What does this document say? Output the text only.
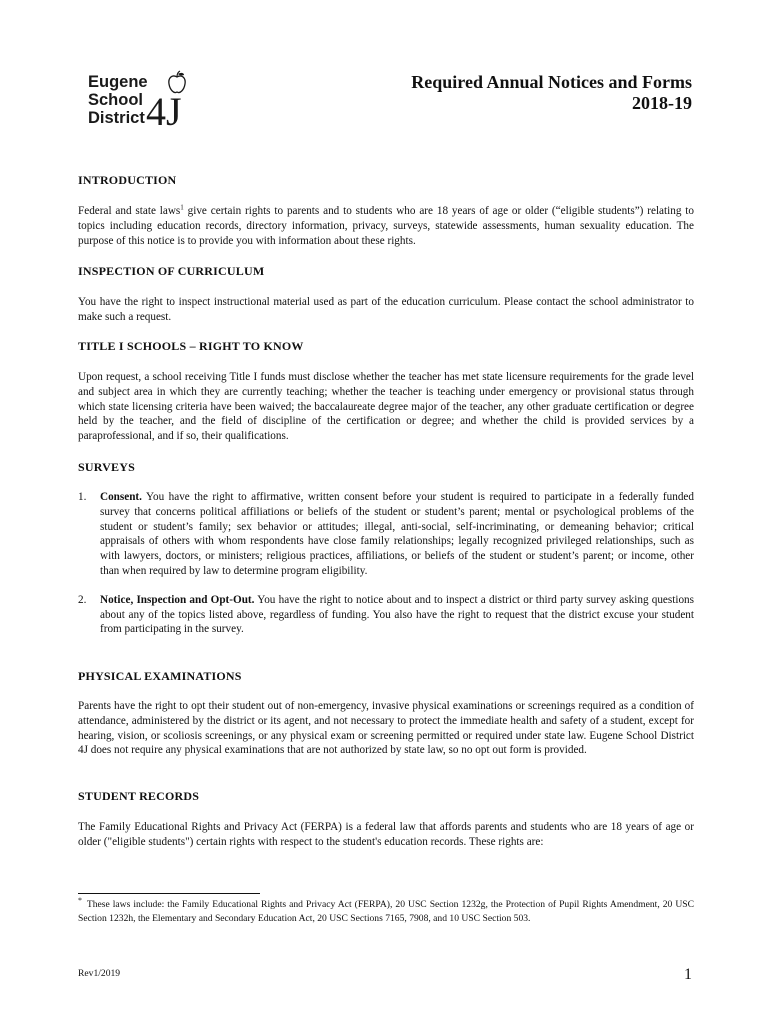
Eugene
School
District 4J
Required Annual Notices and Forms
2018-19
INTRODUCTION

Federal and state laws$^1$ give certain rights to parents and to students who are 18 years of age or older (“eligible students”) relating to topics including education records, directory information, privacy, surveys, statewide assessments, human sexuality education. The purpose of this notice is to provide you with information about these rights.

INSPECTION OF CURRICULUM

You have the right to inspect instructional material used as part of the education curriculum. Please contact the school administrator to make such a request.

TITLE I SCHOOLS – RIGHT TO KNOW

Upon request, a school receiving Title I funds must disclose whether the teacher has met state licensure requirements for the grade level and subject area in which they are currently teaching; whether the teacher is teaching under emergency or provisional status through which state licensing criteria have been waived; the baccalaureate degree major of the teacher, any other graduate certification or degree held by the teacher, and the field of discipline of the certification or degree; and whether the child is provided services by a paraprofessional, and if so, their qualifications.

SURVEYS
1. Consent. You have the right to affirmative, written consent before your student is required to participate in a federally funded survey that concerns political affiliations or beliefs of the student or student’s parent; mental or psychological problems of the student or student’s family; sex behavior or attitudes; illegal, anti-social, self-incriminating, or demeaning behavior; critical appraisals of others with whom respondents have close family relationships; legally recognized privileged relationships, such as with lawyers, doctors, or ministers; religious practices, affiliations, or beliefs of the student or student’s parent; or income, other than when required by law to determine program eligibility.
2. Notice, Inspection and Opt-Out. You have the right to notice about and to inspect a district or third party survey asking questions about any of the topics listed above, regardless of funding. You also have the right to request that the district excuse your student from participating in the survey.
PHYSICAL EXAMINATIONS

Parents have the right to opt their student out of non-emergency, invasive physical examinations or screenings required as a condition of attendance, administered by the district or its agent, and not necessary to protect the immediate health and safety of a student, except for hearing, vision, or scoliosis screenings, or any physical exam or screening permitted or required under state law. Eugene School District 4J does not require any physical examinations that are not authorized by state law, so no opt out form is provided.

STUDENT RECORDS

The Family Educational Rights and Privacy Act (FERPA) is a federal law that affords parents and students who are 18 years of age or older ("eligible students") certain rights with respect to the student's education records. These rights are:

* These laws include: the Family Educational Rights and Privacy Act (FERPA), 20 USC Section 1232g, the Protection of Pupil Rights Amendment, 20 USC Section 1232h, the Elementary and Secondary Education Act, 20 USC Sections 7165, 7908, and 10 USC Section 503.
Rev1/2019	1
